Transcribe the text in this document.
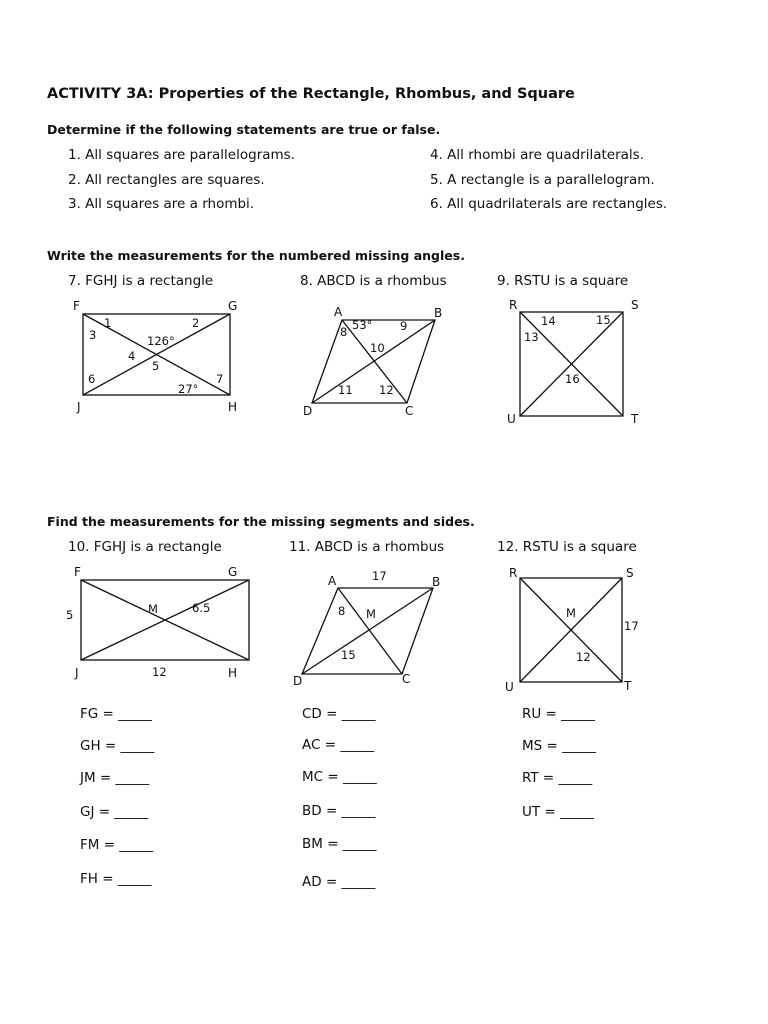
ACTIVITY 3A: Properties of the Rectangle, Rhombus, and Square
Determine if the following statements are true or false.
1. All squares are parallelograms.
2. All rectangles are squares.
3. All squares are a rhombi.
4. All rhombi are quadrilaterals.
5. A rectangle is a parallelogram.
6. All quadrilaterals are rectangles.
Write the measurements for the numbered missing angles.
7. FGHJ is a rectangle	8. ABCD is a rhombus	9. RSTU is a square
F	G
J	H
1	2
3	126°
4
5
6
27°
7
A	B
D	C
53°
8	9
10
11 12
R	S
U	T
14	15
13
16
Find the measurements for the missing segments and sides.
10. FGHJ is a rectangle	11. ABCD is a rhombus	12. RSTU is a square
F	G
J	H
5	M	6.5
12
A	B
D	C
17
8 M
15
R	S
U	T
M
17
12
FG = _____
GH = _____
JM = _____
GJ = _____
FM = _____
FH = _____
CD = _____
AC = _____
MC = _____
BD = _____
BM = _____
AD = _____
RU = _____
MS = _____
RT = _____
UT = _____
